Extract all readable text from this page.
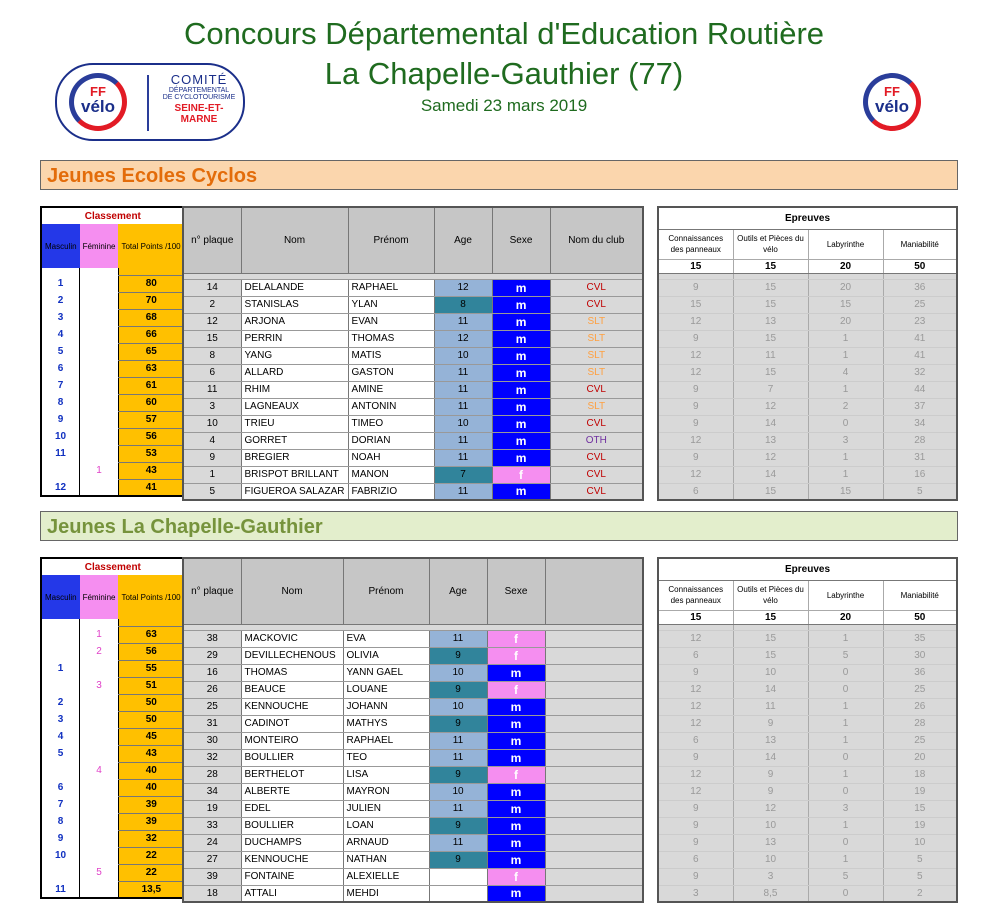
Concours Départemental d'Education Routière
La Chapelle-Gauthier (77)
Samedi 23 mars 2019
FF
vélo
COMITÉ
DÉPARTEMENTAL
DE CYCLOTOURISME
SEINE-ET-
MARNE
FF
vélo
Jeunes Ecoles Cyclos
Jeunes La Chapelle-Gauthier
Classement		
Masculin	Féminine	Total Points /100

1		80
2		70
3		68
4		66
5		65
6		63
7		61
8		60
9		57
10		56
11		53
	1	43
12		41
n° plaque	Nom	Prénom	Age	Sexe	Nom du club

14	DELALANDE	RAPHAEL	12	m	CVL
2	STANISLAS	YLAN	8	m	CVL
12	ARJONA	EVAN	11	m	SLT
15	PERRIN	THOMAS	12	m	SLT
8	YANG	MATIS	10	m	SLT
6	ALLARD	GASTON	11	m	SLT
11	RHIM	AMINE	11	m	CVL
3	LAGNEAUX	ANTONIN	11	m	SLT
10	TRIEU	TIMEO	10	m	CVL
4	GORRET	DORIAN	11	m	OTH
9	BREGIER	NOAH	11	m	CVL
1	BRISPOT BRILLANT	MANON	7	f	CVL
5	FIGUEROA SALAZAR	FABRIZIO	11	m	CVL
Epreuves			
Connaissances des panneaux	Outils et Pièces du vélo	Labyrinthe	Maniabilité
15	15	20	50

9	15	20	36
15	15	15	25
12	13	20	23
9	15	1	41
12	11	1	41
12	15	4	32
9	7	1	44
9	12	2	37
9	14	0	34
12	13	3	28
9	12	1	31
12	14	1	16
6	15	15	5
Classement		
Masculin	Féminine	Total Points /100

	1	63
	2	56
1		55
	3	51
2		50
3		50
4		45
5		43
	4	40
6		40
7		39
8		39
9		32
10		22
	5	22
11		13,5
n° plaque	Nom	Prénom	Age	Sexe	

38	MACKOVIC	EVA	11	f	
29	DEVILLECHENOUS	OLIVIA	9	f	
16	THOMAS	YANN GAEL	10	m	
26	BEAUCE	LOUANE	9	f	
25	KENNOUCHE	JOHANN	10	m	
31	CADINOT	MATHYS	9	m	
30	MONTEIRO	RAPHAEL	11	m	
32	BOULLIER	TEO	11	m	
28	BERTHELOT	LISA	9	f	
34	ALBERTE	MAYRON	10	m	
19	EDEL	JULIEN	11	m	
33	BOULLIER	LOAN	9	m	
24	DUCHAMPS	ARNAUD	11	m	
27	KENNOUCHE	NATHAN	9	m	
39	FONTAINE	ALEXIELLE		f	
18	ATTALI	MEHDI		m	
Epreuves			
Connaissances des panneaux	Outils et Pièces du vélo	Labyrinthe	Maniabilité
15	15	20	50

12	15	1	35
6	15	5	30
9	10	0	36
12	14	0	25
12	11	1	26
12	9	1	28
6	13	1	25
9	14	0	20
12	9	1	18
12	9	0	19
9	12	3	15
9	10	1	19
9	13	0	10
6	10	1	5
9	3	5	5
3	8,5	0	2
